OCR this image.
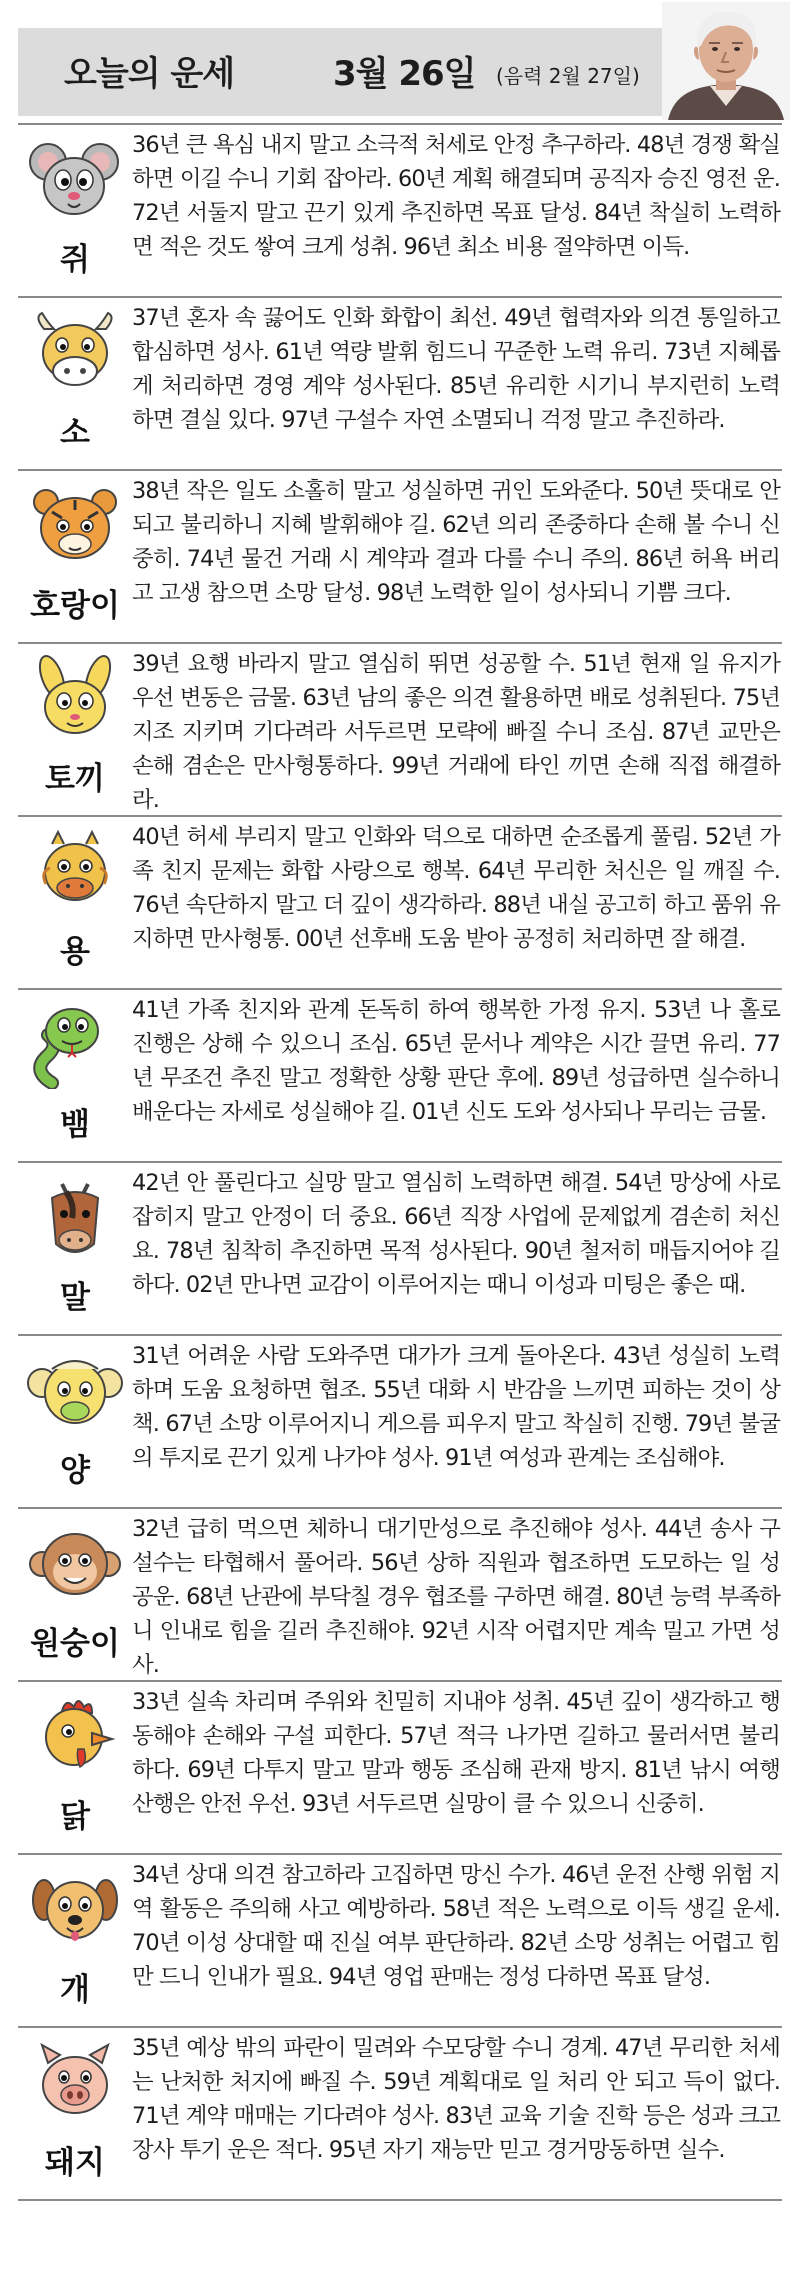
오늘의 운세	3월 26일 (음력 2월 27일)
쥐

36년 큰 욕심 내지 말고 소극적 처세로 안정 추구하라. 48년 경쟁 확실하면 이길 수니 기회 잡아라. 60년 계획 해결되며 공직자 승진 영전 운. 72년 서둘지 말고 끈기 있게 추진하면 목표 달성. 84년 착실히 노력하면 적은 것도 쌓여 크게 성취. 96년 최소 비용 절약하면 이득.

소

37년 혼자 속 끓어도 인화 화합이 최선. 49년 협력자와 의견 통일하고 합심하면 성사. 61년 역량 발휘 힘드니 꾸준한 노력 유리. 73년 지혜롭게 처리하면 경영 계약 성사된다. 85년 유리한 시기니 부지런히 노력하면 결실 있다. 97년 구설수 자연 소멸되니 걱정 말고 추진하라.

호랑이

38년 작은 일도 소홀히 말고 성실하면 귀인 도와준다. 50년 뜻대로 안 되고 불리하니 지혜 발휘해야 길. 62년 의리 존중하다 손해 볼 수니 신중히. 74년 물건 거래 시 계약과 결과 다를 수니 주의. 86년 허욕 버리고 고생 참으면 소망 달성. 98년 노력한 일이 성사되니 기쁨 크다.

토끼

39년 요행 바라지 말고 열심히 뛰면 성공할 수. 51년 현재 일 유지가 우선 변동은 금물. 63년 남의 좋은 의견 활용하면 배로 성취된다. 75년 지조 지키며 기다려라 서두르면 모략에 빠질 수니 조심. 87년 교만은 손해 겸손은 만사형통하다. 99년 거래에 타인 끼면 손해 직접 해결하라.

용

40년 허세 부리지 말고 인화와 덕으로 대하면 순조롭게 풀림. 52년 가족 친지 문제는 화합 사랑으로 행복. 64년 무리한 처신은 일 깨질 수. 76년 속단하지 말고 더 깊이 생각하라. 88년 내실 공고히 하고 품위 유지하면 만사형통. 00년 선후배 도움 받아 공정히 처리하면 잘 해결.

뱀

41년 가족 친지와 관계 돈독히 하여 행복한 가정 유지. 53년 나 홀로 진행은 상해 수 있으니 조심. 65년 문서나 계약은 시간 끌면 유리. 77년 무조건 추진 말고 정확한 상황 판단 후에. 89년 성급하면 실수하니 배운다는 자세로 성실해야 길. 01년 신도 도와 성사되나 무리는 금물.

말

42년 안 풀린다고 실망 말고 열심히 노력하면 해결. 54년 망상에 사로잡히지 말고 안정이 더 중요. 66년 직장 사업에 문제없게 겸손히 처신요. 78년 침착히 추진하면 목적 성사된다. 90년 철저히 매듭지어야 길하다. 02년 만나면 교감이 이루어지는 때니 이성과 미팅은 좋은 때.

양

31년 어려운 사람 도와주면 대가가 크게 돌아온다. 43년 성실히 노력하며 도움 요청하면 협조. 55년 대화 시 반감을 느끼면 피하는 것이 상책. 67년 소망 이루어지니 게으름 피우지 말고 착실히 진행. 79년 불굴의 투지로 끈기 있게 나가야 성사. 91년 여성과 관계는 조심해야.

원숭이

32년 급히 먹으면 체하니 대기만성으로 추진해야 성사. 44년 송사 구설수는 타협해서 풀어라. 56년 상하 직원과 협조하면 도모하는 일 성공운. 68년 난관에 부닥칠 경우 협조를 구하면 해결. 80년 능력 부족하니 인내로 힘을 길러 추진해야. 92년 시작 어렵지만 계속 밀고 가면 성사.

닭

33년 실속 차리며 주위와 친밀히 지내야 성취. 45년 깊이 생각하고 행동해야 손해와 구설 피한다. 57년 적극 나가면 길하고 물러서면 불리하다. 69년 다투지 말고 말과 행동 조심해 관재 방지. 81년 낚시 여행 산행은 안전 우선. 93년 서두르면 실망이 클 수 있으니 신중히.

개

34년 상대 의견 참고하라 고집하면 망신 수가. 46년 운전 산행 위험 지역 활동은 주의해 사고 예방하라. 58년 적은 노력으로 이득 생길 운세. 70년 이성 상대할 때 진실 여부 판단하라. 82년 소망 성취는 어렵고 힘만 드니 인내가 필요. 94년 영업 판매는 정성 다하면 목표 달성.

돼지

35년 예상 밖의 파란이 밀려와 수모당할 수니 경계. 47년 무리한 처세는 난처한 처지에 빠질 수. 59년 계획대로 일 처리 안 되고 득이 없다. 71년 계약 매매는 기다려야 성사. 83년 교육 기술 진학 등은 성과 크고 장사 투기 운은 적다. 95년 자기 재능만 믿고 경거망동하면 실수.
